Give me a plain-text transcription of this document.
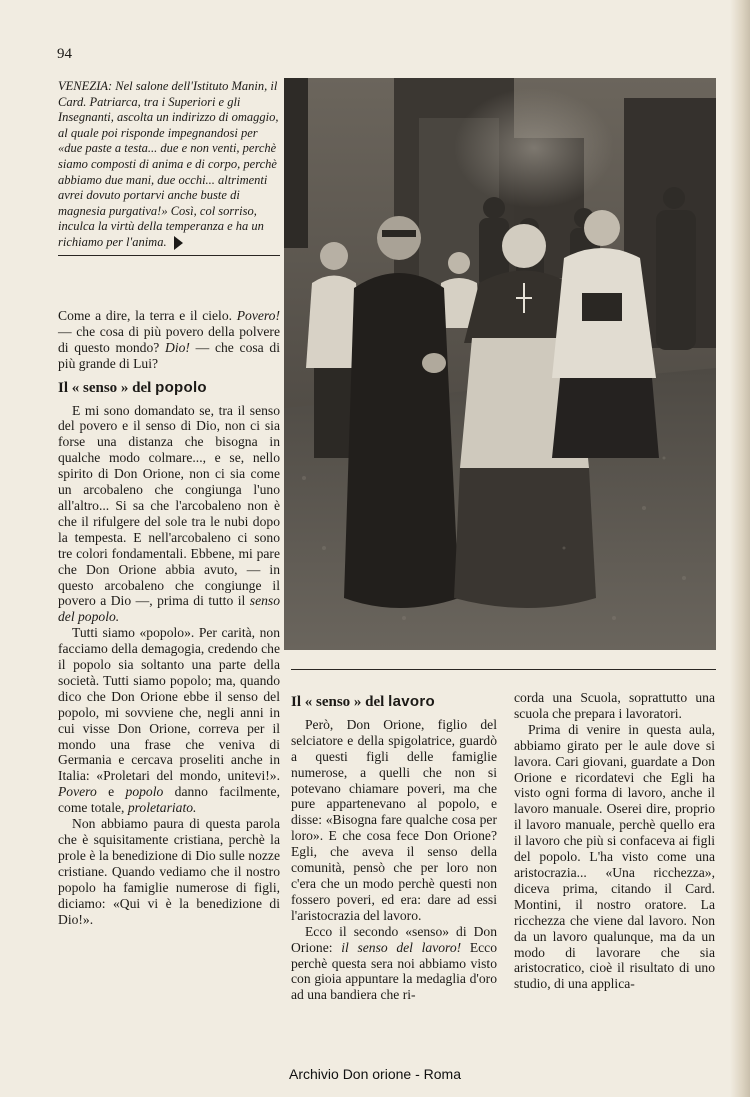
94
VENEZIA: Nel salone dell'Istituto Manin, il Card. Patriarca, tra i Superiori e gli Insegnanti, ascolta un indirizzo di omaggio, al quale poi risponde impegnandosi per «due paste a testa... due e non venti, perchè siamo composti di anima e di corpo, perchè abbiamo due mani, due occhi... altrimenti avrei dovuto portarvi anche buste di magnesia purgativa!» Così, col sorriso, inculca la virtù della temperanza e ha un richiamo per l'anima.

Come a dire, la terra e il cielo. Povero! — che cosa di più povero della polvere di questo mondo? Dio! — che cosa di più grande di Lui?

Il « senso » del popolo

E mi sono domandato se, tra il senso del povero e il senso di Dio, non ci sia forse una distanza che bisogna in qualche modo colmare..., e se, nello spirito di Don Orione, non ci sia come un arcobaleno che congiunga l'uno all'altro... Si sa che l'arcobaleno non è che il rifulgere del sole tra le nubi dopo la tempesta. E nell'arcobaleno ci sono tre colori fondamentali. Ebbene, mi pare che Don Orione abbia avuto, — in questo arcobaleno che congiunge il povero a Dio —, prima di tutto il senso del popolo.

Tutti siamo «popolo». Per carità, non facciamo della demagogia, credendo che il popolo sia soltanto una parte della società. Tutti siamo popolo; ma, quando dico che Don Orione ebbe il senso del popolo, mi sovviene che, negli anni in cui visse Don Orione, correva per il mondo una frase che veniva di Germania e cercava proseliti anche in Italia: «Proletari del mondo, unitevi!». Povero e popolo danno facilmente, come totale, proletariato.

Non abbiamo paura di questa parola che è squisitamente cristiana, perchè la prole è la benedizione di Dio sulle nozze cristiane. Quando vediamo che il nostro popolo ha famiglie numerose di figli, diciamo: «Qui vi è la benedizione di Dio!».

Il « senso » del lavoro

Però, Don Orione, figlio del selciatore e della spigolatrice, guardò a questi figli delle famiglie numerose, a quelli che non si potevano chiamare poveri, ma che pure appartenevano al popolo, e disse: «Bisogna fare qualche cosa per loro». E che cosa fece Don Orione? Egli, che aveva il senso della comunità, pensò che per loro non c'era che un modo perchè questi non fossero poveri, ed era: dare ad essi l'aristocrazia del lavoro.

Ecco il secondo «senso» di Don Orione: il senso del lavoro! Ecco perchè questa sera noi abbiamo visto con gioia appuntare la medaglia d'oro ad una bandiera che ri-

corda una Scuola, soprattutto una scuola che prepara i lavoratori.

Prima di venire in questa aula, abbiamo girato per le aule dove si lavora. Cari giovani, guardate a Don Orione e ricordatevi che Egli ha visto ogni forma di lavoro, anche il lavoro manuale. Oserei dire, proprio il lavoro manuale, perchè quello era il lavoro che più si confaceva ai figli del popolo. L'ha visto come una aristocrazia... «Una ricchezza», diceva prima, citando il Card. Montini, il nostro oratore. La ricchezza che viene dal lavoro. Non da un lavoro qualunque, ma da un modo di lavorare che sia aristocratico, cioè il risultato di uno studio, di una applica-

Archivio Don orione - Roma
